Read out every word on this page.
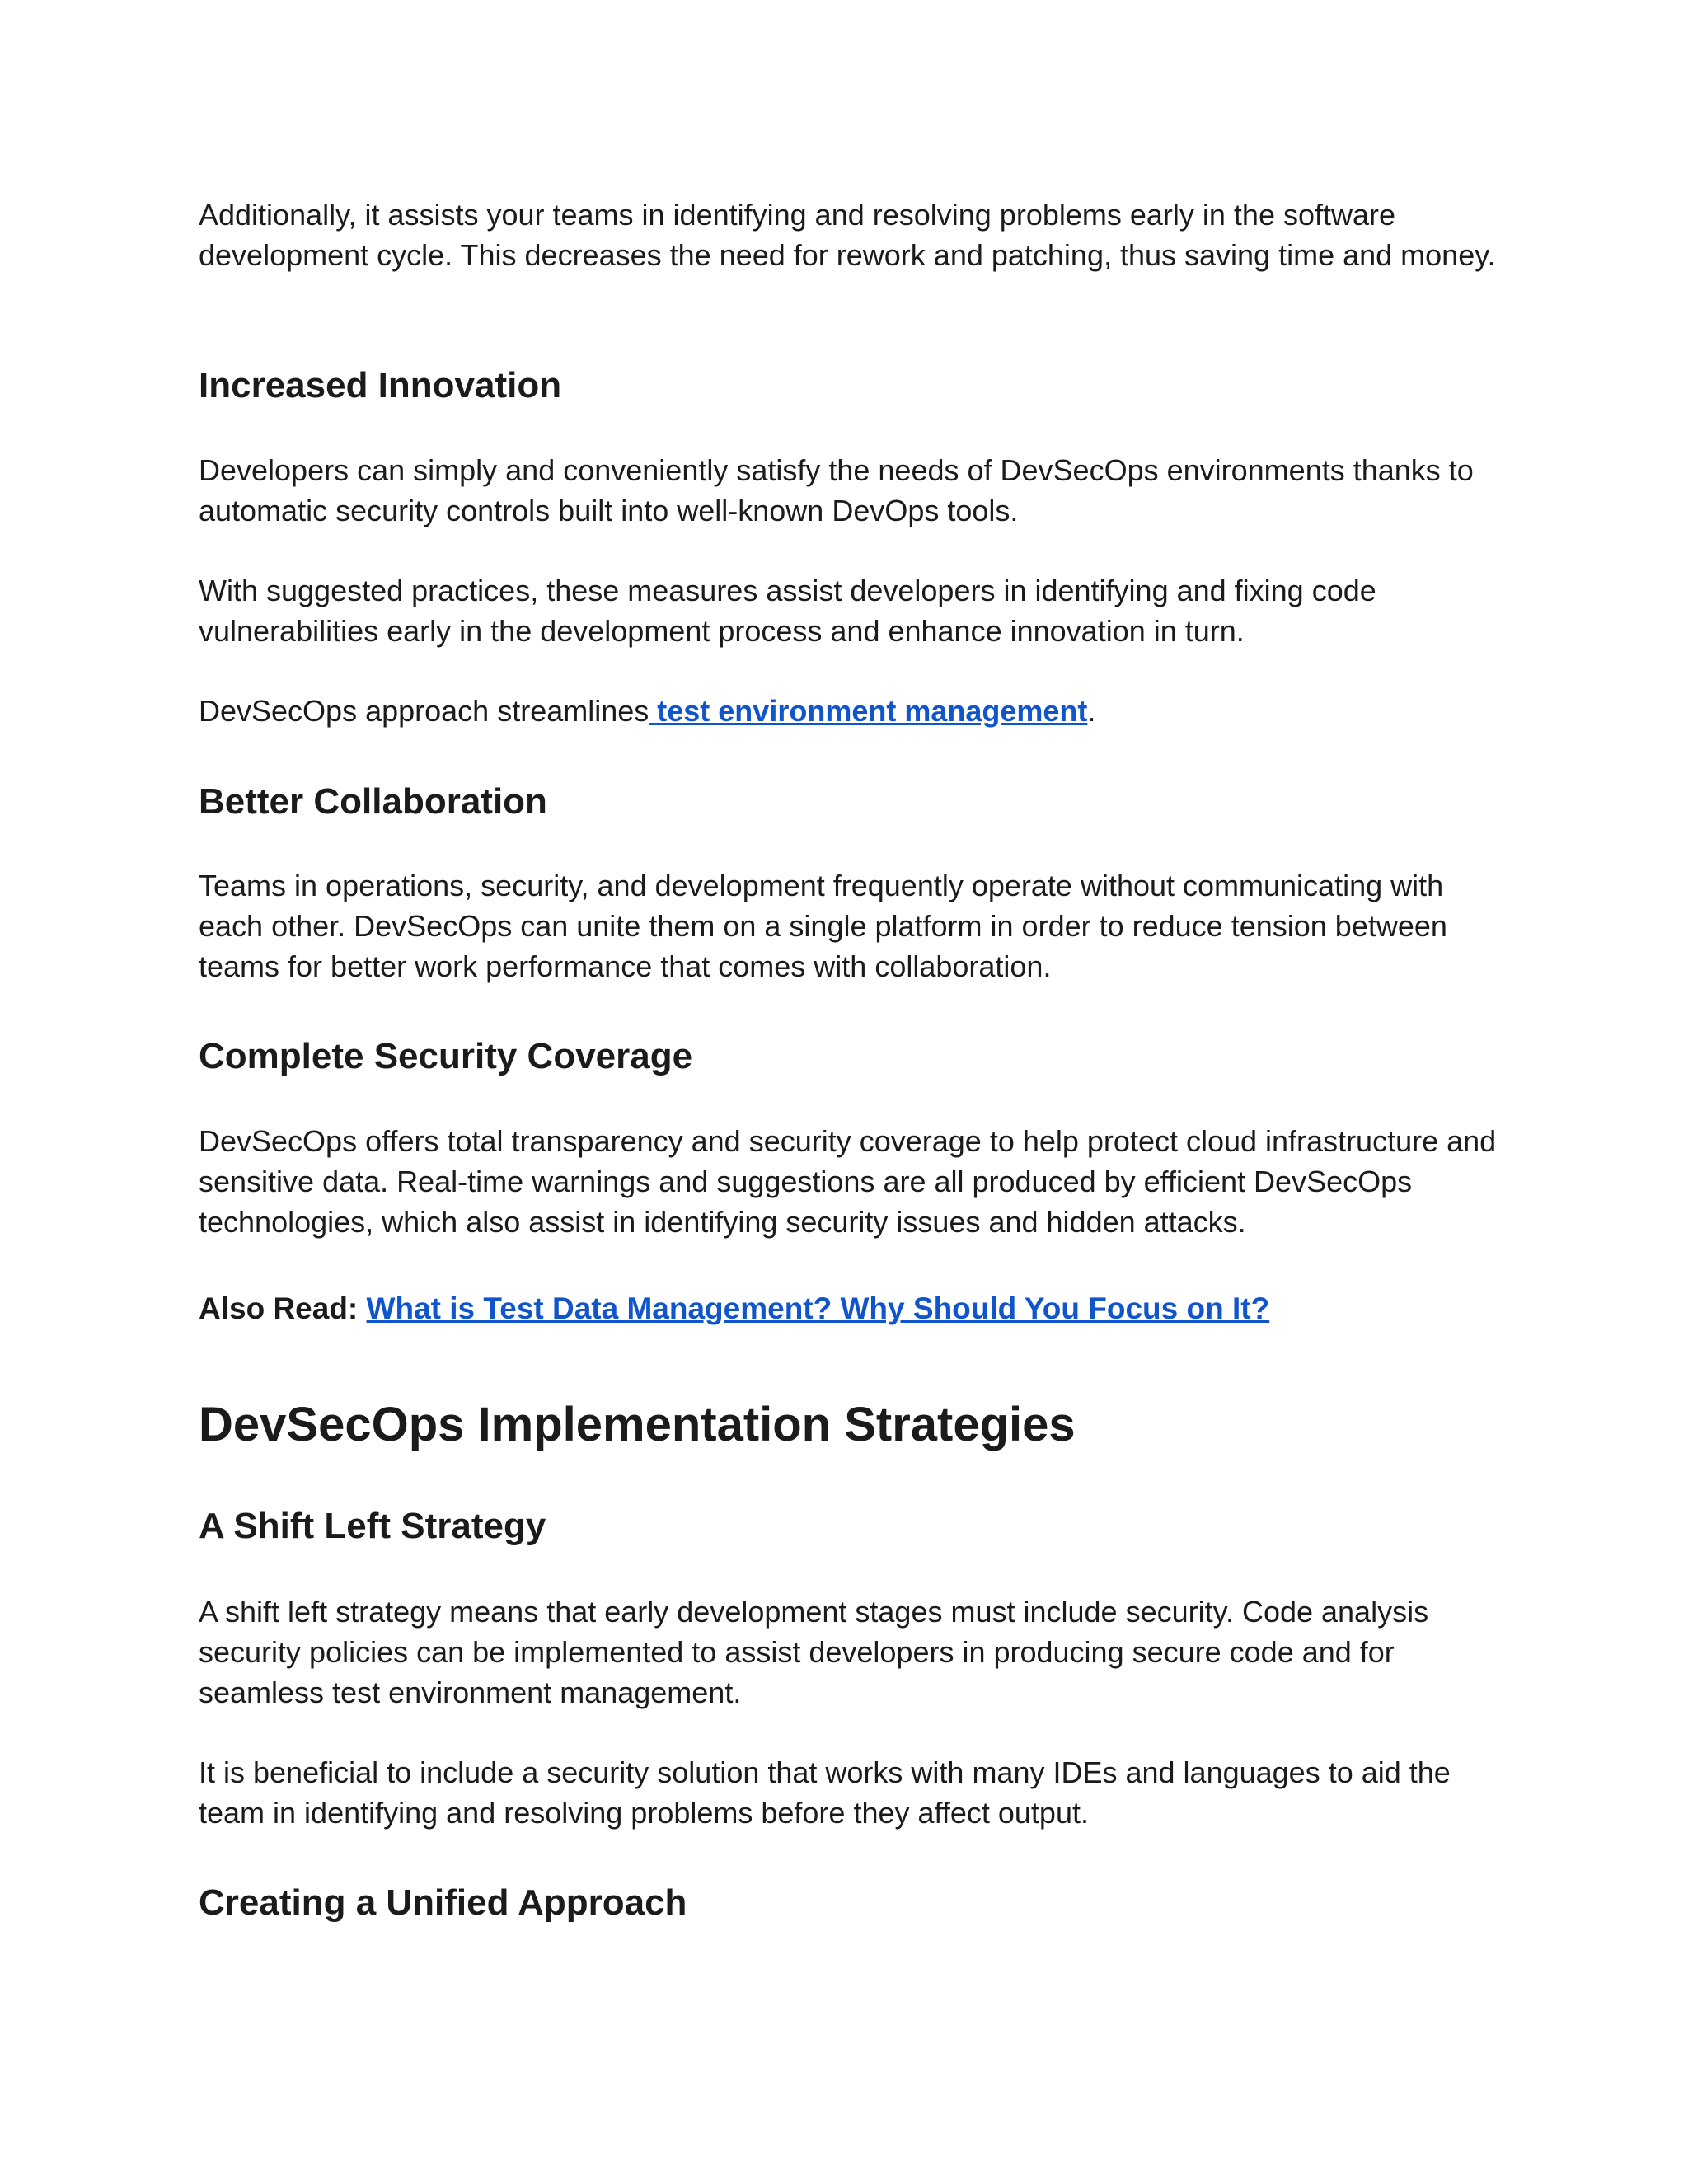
Additionally, it assists your teams in identifying and resolving problems early in the software development cycle. This decreases the need for rework and patching, thus saving time and money.

Increased Innovation

Developers can simply and conveniently satisfy the needs of DevSecOps environments thanks to automatic security controls built into well-known DevOps tools.

With suggested practices, these measures assist developers in identifying and fixing code vulnerabilities early in the development process and enhance innovation in turn.

DevSecOps approach streamlines test environment management.

Better Collaboration

Teams in operations, security, and development frequently operate without communicating with each other. DevSecOps can unite them on a single platform in order to reduce tension between teams for better work performance that comes with collaboration.

Complete Security Coverage

DevSecOps offers total transparency and security coverage to help protect cloud infrastructure and sensitive data. Real-time warnings and suggestions are all produced by efficient DevSecOps technologies, which also assist in identifying security issues and hidden attacks.

Also Read: What is Test Data Management? Why Should You Focus on It?

DevSecOps Implementation Strategies
A Shift Left Strategy

A shift left strategy means that early development stages must include security. Code analysis security policies can be implemented to assist developers in producing secure code and for seamless test environment management.

It is beneficial to include a security solution that works with many IDEs and languages to aid the team in identifying and resolving problems before they affect output.

Creating a Unified Approach
